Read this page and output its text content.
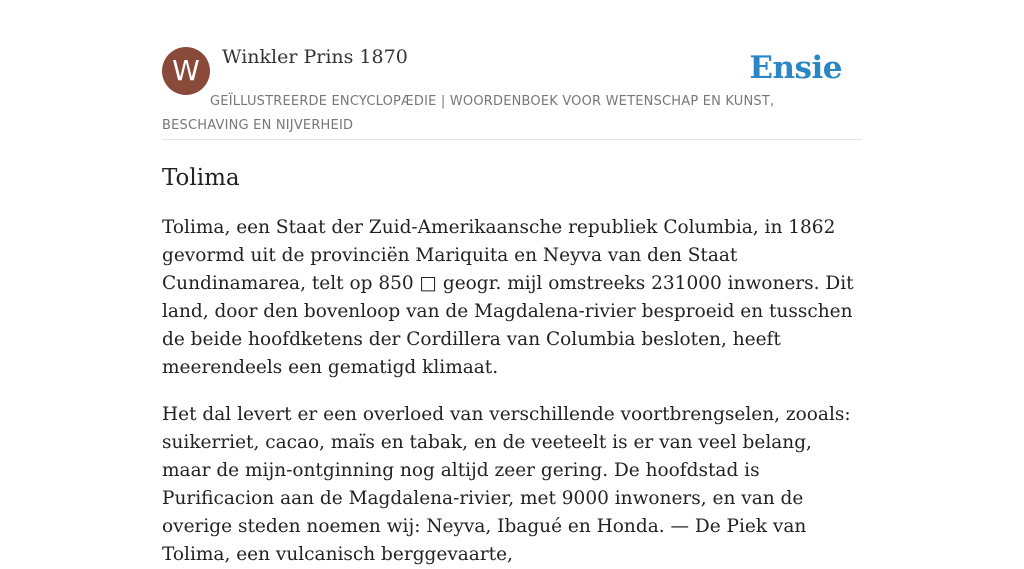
W	Winkler Prins 1870	Ensie
GEÏLLUSTREERDE ENCYCLOPÆDIE | WOORDENBOEK VOOR WETENSCHAP EN KUNST, BESCHAVING EN NIJVERHEID
Tolima

Tolima, een Staat der Zuid-Amerikaansche republiek Columbia, in 1862 gevormd uit de provinciën Mariquita en Neyva van den Staat Cundinamarea, telt op 850 □ geogr. mijl omstreeks 231000 inwoners. Dit land, door den bovenloop van de Magdalena-rivier besproeid en tusschen de beide hoofdketens der Cordillera van Columbia besloten, heeft meerendeels een gematigd klimaat.

Het dal levert er een overloed van verschillende voortbrengselen, zooals: suikerriet, cacao, maïs en tabak, en de veeteelt is er van veel belang, maar de mijn-ontginning nog altijd zeer gering. De hoofdstad is Purificacion aan de Magdalena-rivier, met 9000 inwoners, en van de overige steden noemen wij: Neyva, Ibagué en Honda. — De Piek van Tolima, een vulcanisch berggevaarte,
